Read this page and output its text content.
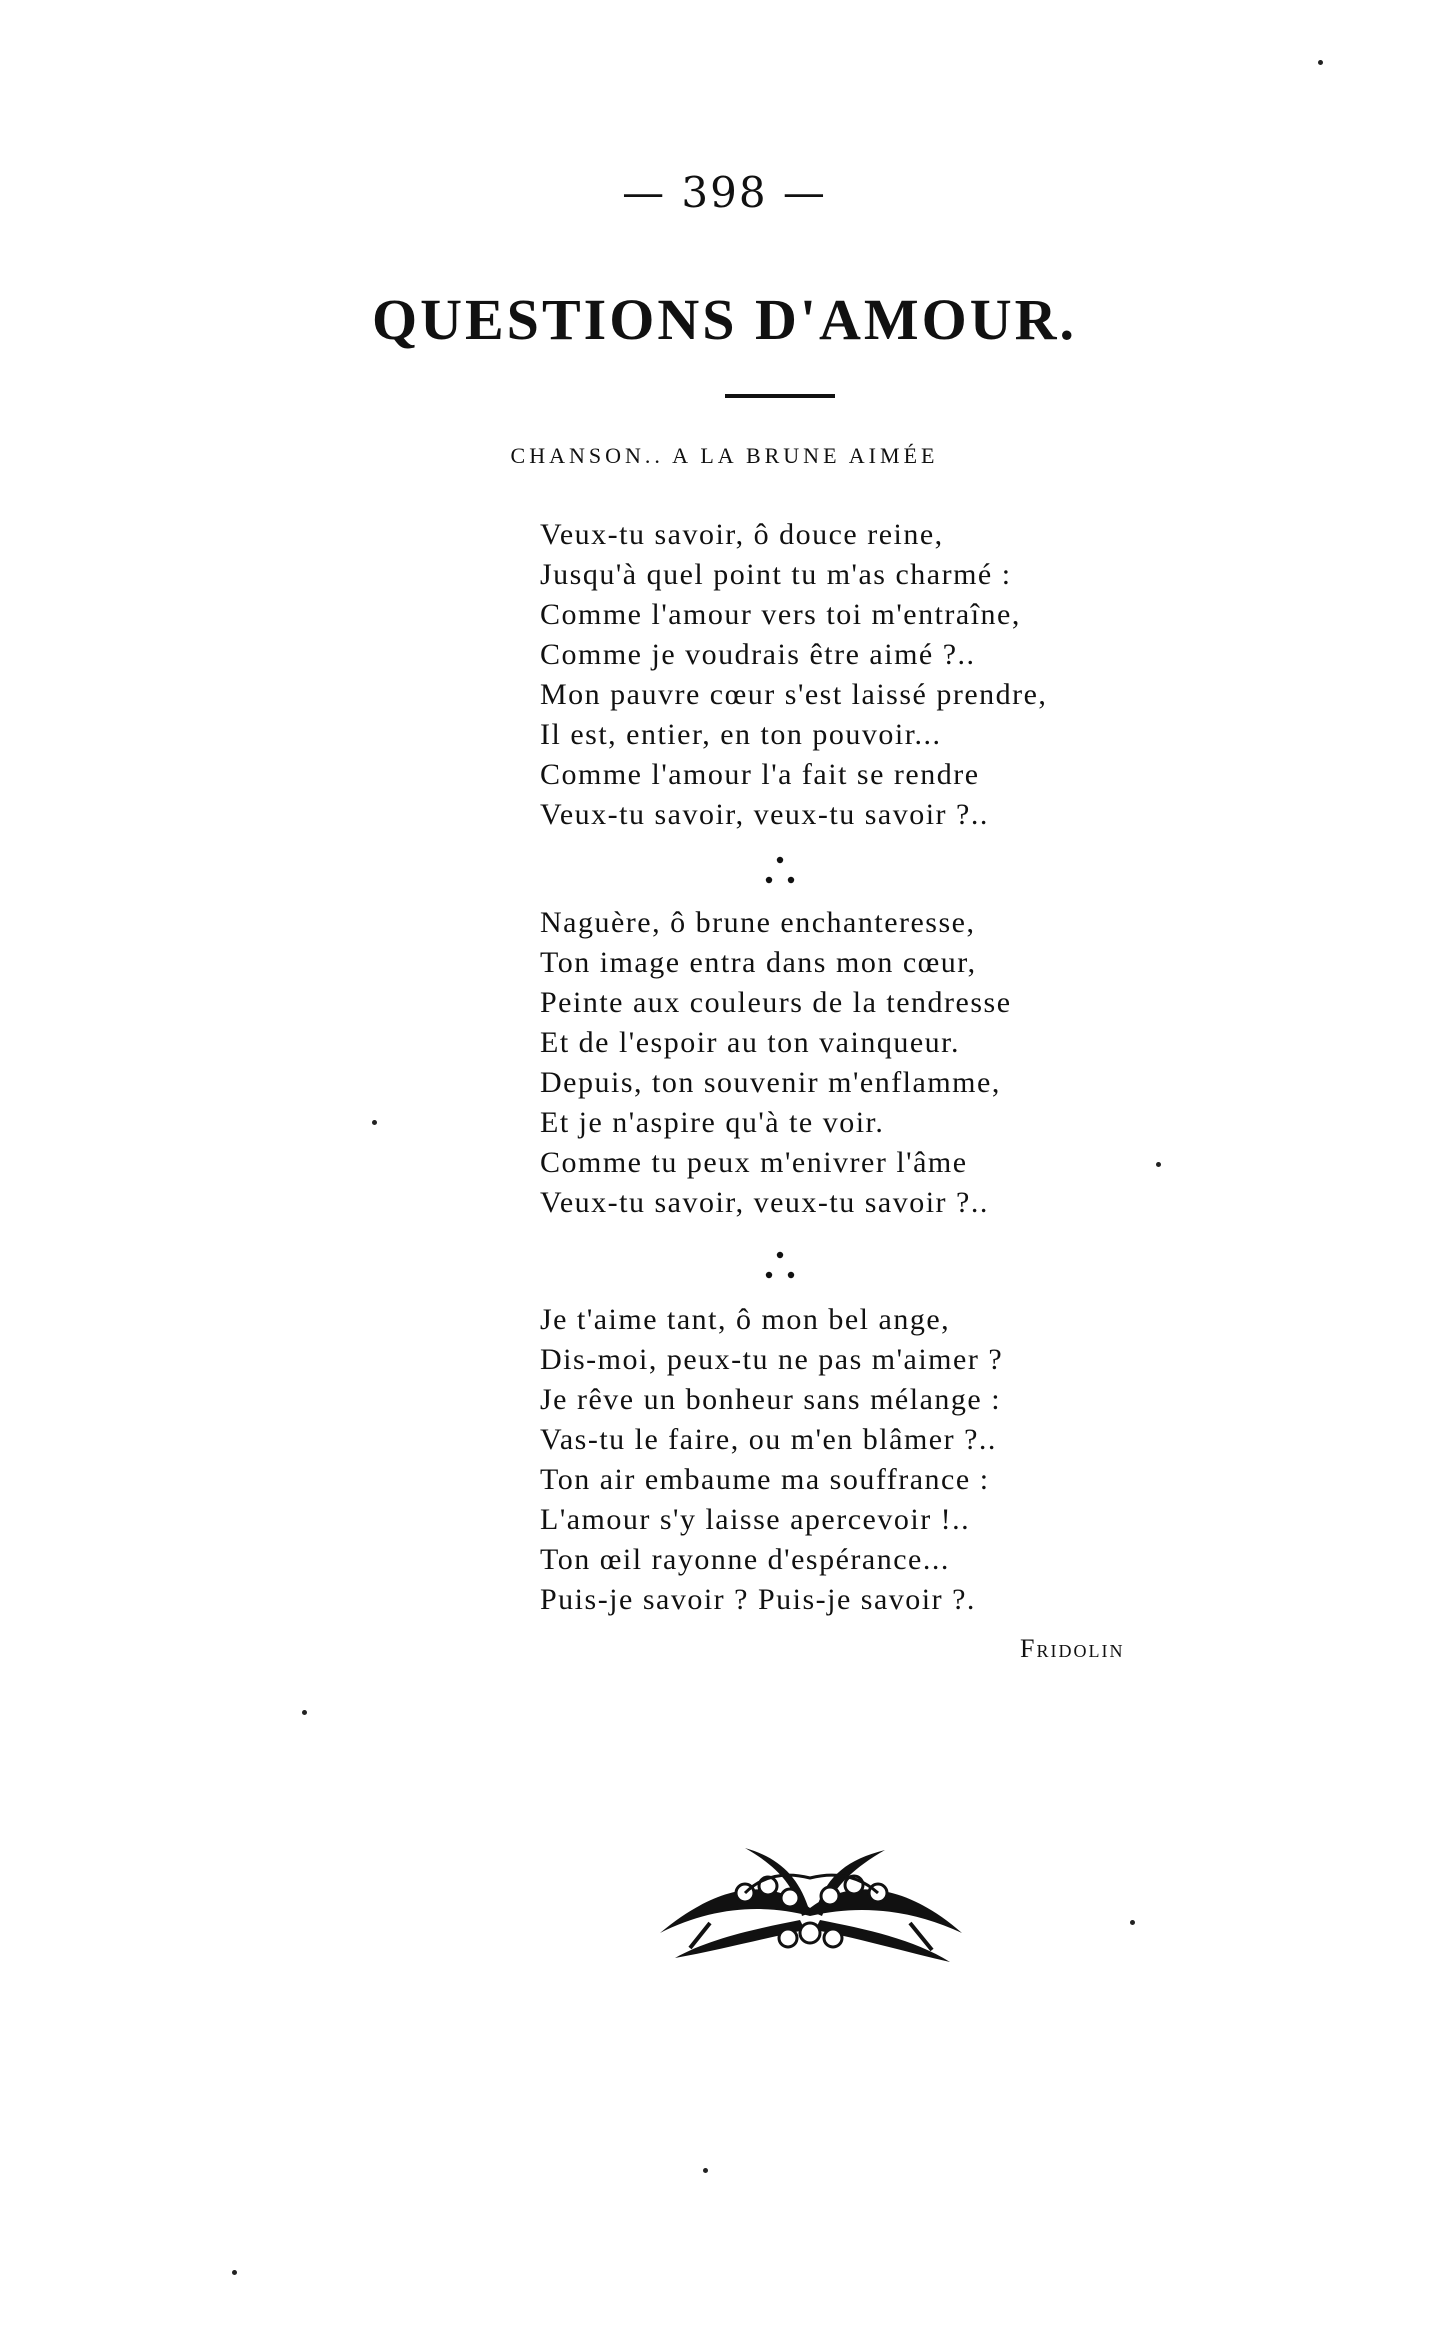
— 398 —
QUESTIONS D'AMOUR.
CHANSON.. A LA BRUNE AIMÉE
Veux-tu savoir, ô douce reine,
Jusqu'à quel point tu m'as charmé :
Comme l'amour vers toi m'entraîne,
Comme je voudrais être aimé ?..
Mon pauvre cœur s'est laissé prendre,
Il est, entier, en ton pouvoir...
Comme l'amour l'a fait se rendre
Veux-tu savoir, veux-tu savoir ?..
Naguère, ô brune enchanteresse,
Ton image entra dans mon cœur,
Peinte aux couleurs de la tendresse
Et de l'espoir au ton vainqueur.
Depuis, ton souvenir m'enflamme,
Et je n'aspire qu'à te voir.
Comme tu peux m'enivrer l'âme
Veux-tu savoir, veux-tu savoir ?..
Je t'aime tant, ô mon bel ange,
Dis-moi, peux-tu ne pas m'aimer ?
Je rêve un bonheur sans mélange :
Vas-tu le faire, ou m'en blâmer ?..
Ton air embaume ma souffrance :
L'amour s'y laisse apercevoir !..
Ton œil rayonne d'espérance...
Puis-je savoir ? Puis-je savoir ?.
Fridolin
